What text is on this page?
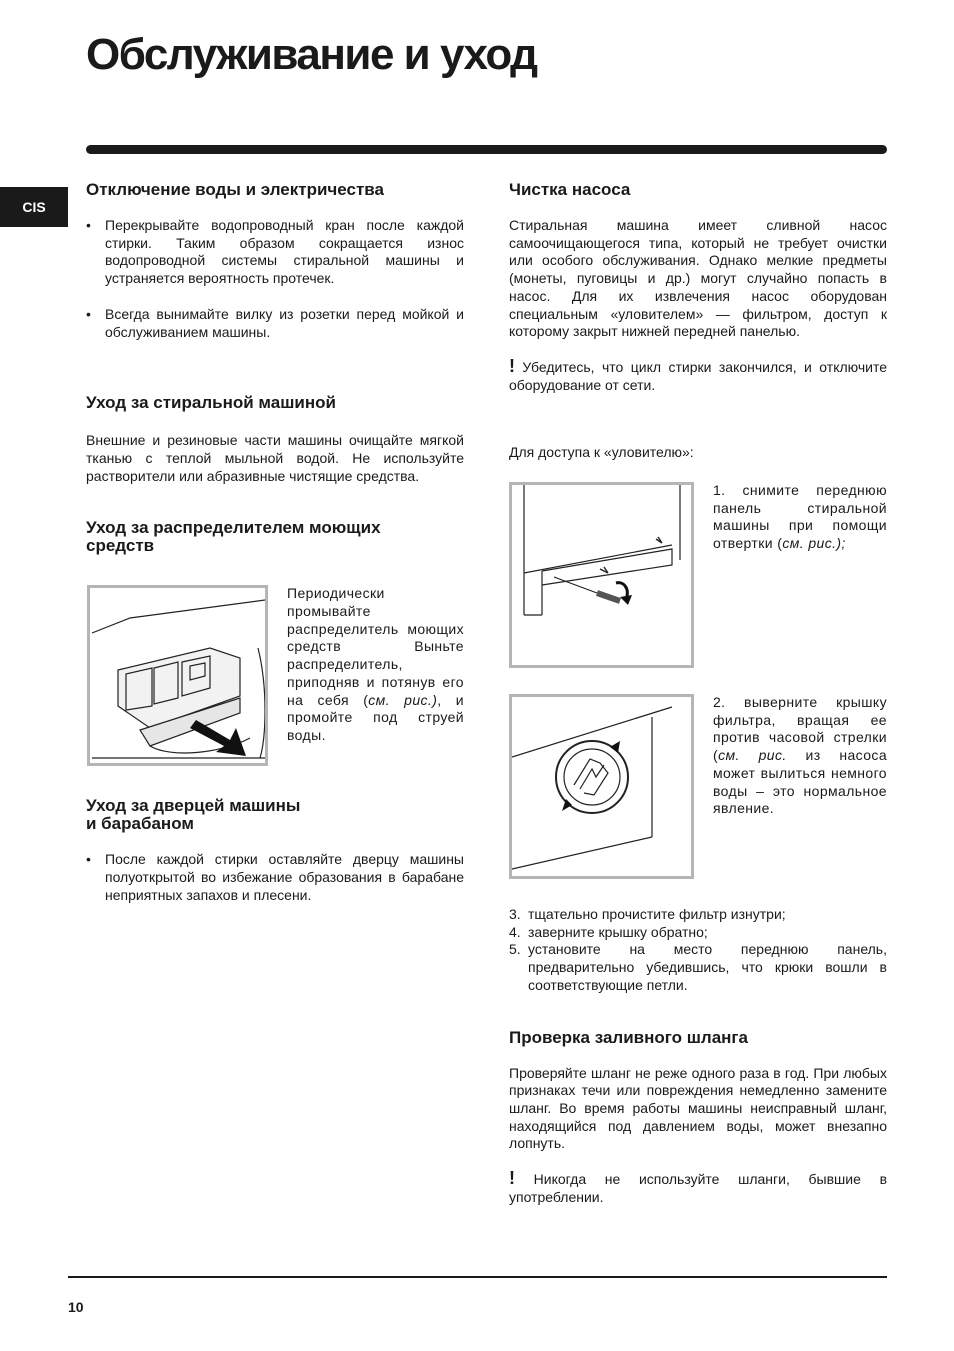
Обслуживание и уход
CIS
Отключение воды и электричества
• Перекрывайте водопроводный кран после каждой стирки. Таким образом сокращается износ водопроводной системы стиральной машины и устраняется вероятность протечек.
• Всегда вынимайте вилку из розетки перед мойкой и обслуживанием машины.
Уход за стиральной машиной

Внешние и резиновые части машины очищайте мягкой тканью с теплой мыльной водой. Не используйте растворители или абразивные чистящие средства.

Уход за распределителем моющих
средств
Периодически промывайте распределитель моющих средств Выньте распределитель, приподняв и потянув его на себя (см. рис.), и промойте под струей воды.
Уход за дверцей машины
и барабаном
• После каждой стирки оставляйте дверцу машины полуоткрытой во избежание образования в барабане неприятных запахов и плесени.
Чистка насоса

Стиральная машина имеет сливной насос самоочищающегося типа, который не требует очистки или особого обслуживания. Однако мелкие предметы (монеты, пуговицы и др.) могут случайно попасть в насос. Для их извлечения насос оборудован специальным «уловителем» — фильтром, доступ к которому закрыт нижней передней панелью.

! Убедитесь, что цикл стирки закончился, и отключите оборудование от сети.

Для доступа к «уловителю»:

1. снимите переднюю панель стиральной машины при помощи отвертки (см. рис.);
2. выверните крышку фильтра, вращая ее против часовой стрелки (см. рис. из насоса может вылиться немного воды – это нормальное явление.
3. тщательно прочистите фильтр изнутри;
4. заверните крышку обратно;
5. установите на место переднюю панель, предварительно убедившись, что крюки вошли в соответствующие петли.
Проверка заливного шланга

Проверяйте шланг не реже одного раза в год. При любых признаках течи или повреждения немедленно замените шланг. Во время работы машины неисправный шланг, находящийся под давлением воды, может внезапно лопнуть.

! Никогда не используйте шланги, бывшие в употреблении.

10
